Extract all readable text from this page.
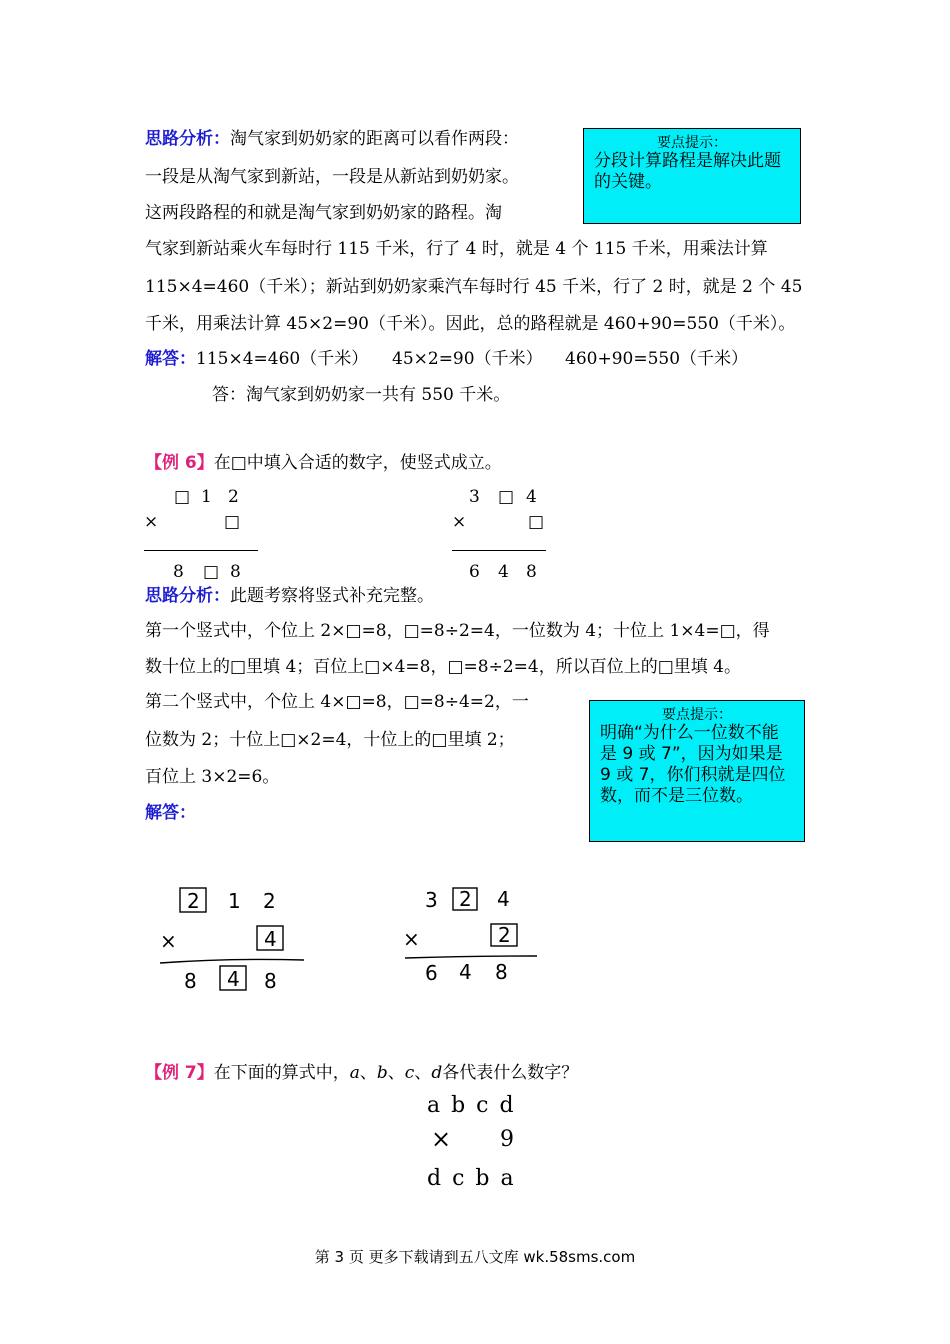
思路分析：淘气家到奶奶家的距离可以看作两段：
一段是从淘气家到新站，一段是从新站到奶奶家。
这两段路程的和就是淘气家到奶奶家的路程。淘
气家到新站乘火车每时行 115 千米，行了 4 时，就是 4 个 115 千米，用乘法计算
115×4=460（千米）；新站到奶奶家乘汽车每时行 45 千米，行了 2 时，就是 2 个 45
千米，用乘法计算 45×2=90（千米）。因此，总的路程就是 460+90=550（千米）。
解答：115×4=460（千米） 45×2=90（千米） 460+90=550（千米）
答：淘气家到奶奶家一共有 550 千米。
要点提示：
分段计算路程是解决此题的关键。
【例 6】在□中填入合适的数字，使竖式成立。
□ 1 2
×	□
8 □ 8
3 □ 4
×	□
6 4 8
思路分析：此题考察将竖式补充完整。
第一个竖式中，个位上 2×□=8，□=8÷2=4，一位数为 4；十位上 1×4=□，得
数十位上的□里填 4；百位上□×4=8，□=8÷2=4，所以百位上的□里填 4。
第二个竖式中，个位上 4×□=8，□=8÷4=2，一
位数为 2；十位上□×2=4，十位上的□里填 2；
百位上 3×2=6。
解答：
要点提示：
明确“为什么一位数不能是 9 或 7”，因为如果是 9 或 7，你们积就是四位数，而不是三位数。
2 1 2
×	4
8 4 8
3 2 4
×	2
6 4 8
【例 7】在下面的算式中，a、b、c、d各代表什么数字？
a b c d
× 9
d c b a
第 3 页 更多下载请到五八文库 wk.58sms.com
